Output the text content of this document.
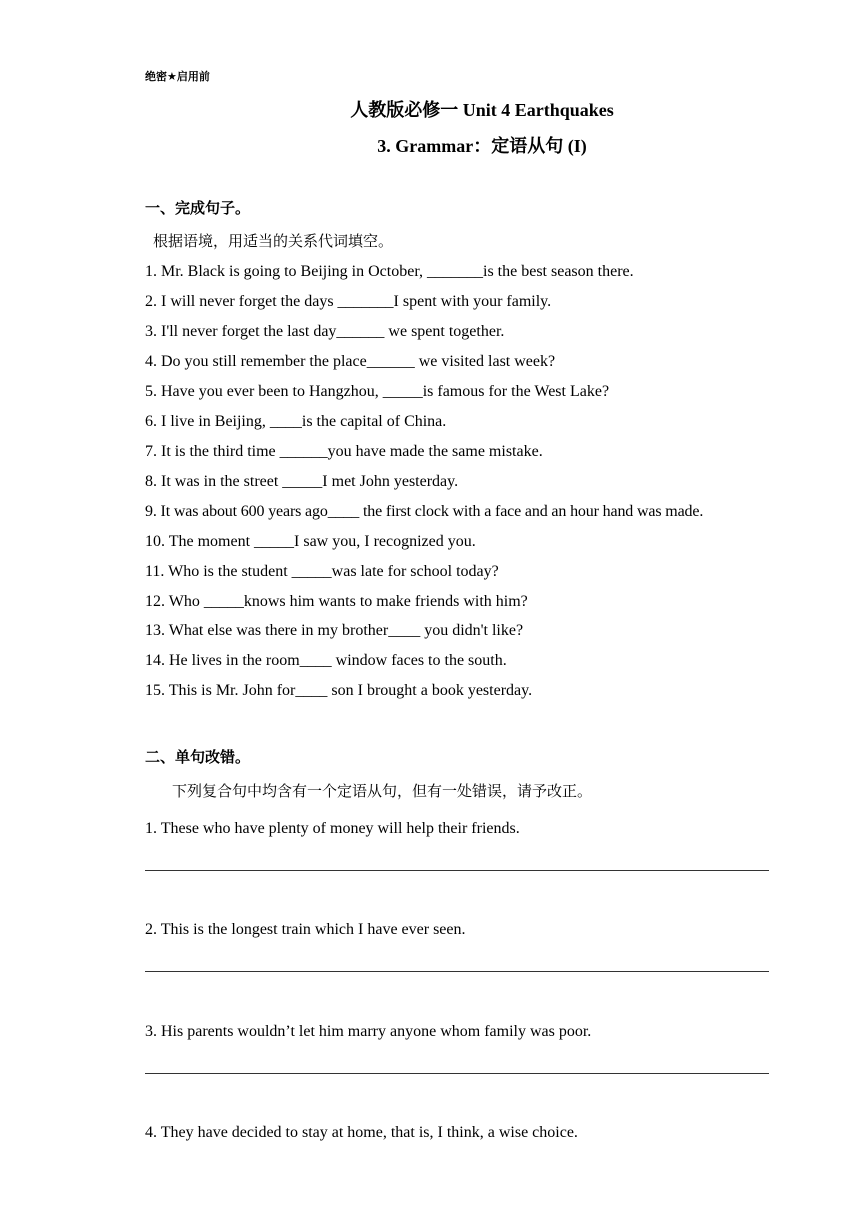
绝密★启用前
人教版必修一 Unit 4 Earthquakes
3. Grammar：定语从句 (I)
一、完成句子。
根据语境，用适当的关系代词填空。
1. Mr. Black is going to Beijing in October, _______is the best season there.
2. I will never forget the days _______I spent with your family.
3. I'll never forget the last day______ we spent together.
4. Do you still remember the place______ we visited last week?
5. Have you ever been to Hangzhou, _____is famous for the West Lake?
6. I live in Beijing, ____is the capital of China.
7. It is the third time ______you have made the same mistake.
8. It was in the street _____I met John yesterday.
9. It was about 600 years ago____ the first clock with a face and an hour hand was made.
10. The moment _____I saw you, I recognized you.
11. Who is the student _____was late for school today?
12. Who _____knows him wants to make friends with him?
13. What else was there in my brother____ you didn't like?
14. He lives in the room____ window faces to the south.
15. This is Mr. John for____ son I brought a book yesterday.
二、单句改错。
下列复合句中均含有一个定语从句，但有一处错误，请予改正。
1. These who have plenty of money will help their friends.
2. This is the longest train which I have ever seen.
3. His parents wouldn’t let him marry anyone whom family was poor.
4. They have decided to stay at home, that is, I think, a wise choice.
